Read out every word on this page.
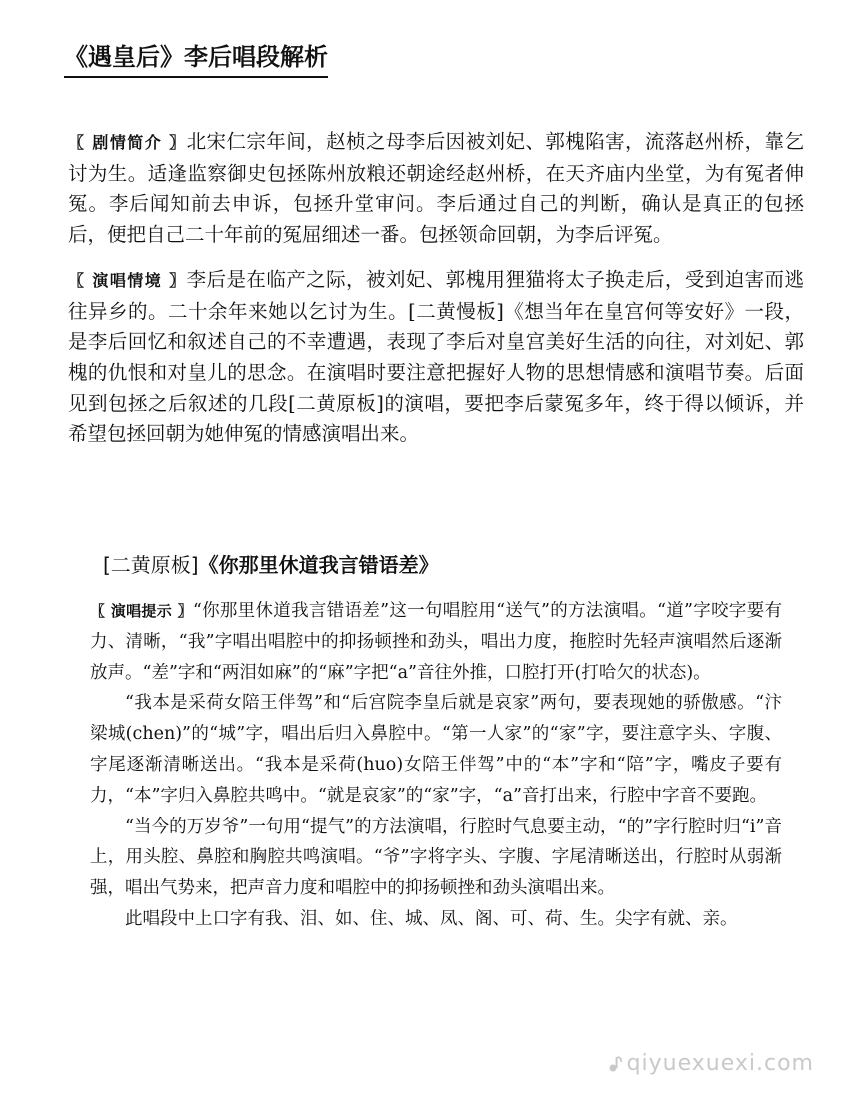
《遇皇后》李后唱段解析

〖 剧情简介 〗北宋仁宗年间，赵桢之母李后因被刘妃、郭槐陷害，流落赵州桥，靠乞讨为生。适逢监察御史包拯陈州放粮还朝途经赵州桥，在天齐庙内坐堂，为有冤者伸冤。李后闻知前去申诉，包拯升堂审问。李后通过自己的判断，确认是真正的包拯后，便把自己二十年前的冤屈细述一番。包拯领命回朝，为李后评冤。

〖 演唱情境 〗李后是在临产之际，被刘妃、郭槐用狸猫将太子换走后，受到迫害而逃往异乡的。二十余年来她以乞讨为生。[二黄慢板]《想当年在皇宫何等安好》一段，是李后回忆和叙述自己的不幸遭遇，表现了李后对皇宫美好生活的向往，对刘妃、郭槐的仇恨和对皇儿的思念。在演唱时要注意把握好人物的思想情感和演唱节奏。后面见到包拯之后叙述的几段[二黄原板]的演唱，要把李后蒙冤多年，终于得以倾诉，并希望包拯回朝为她伸冤的情感演唱出来。

[二黄原板]《你那里休道我言错语差》

〖 演唱提示 〗“你那里休道我言错语差”这一句唱腔用“送气”的方法演唱。“道”字咬字要有力、清晰，“我”字唱出唱腔中的抑扬顿挫和劲头，唱出力度，拖腔时先轻声演唱然后逐渐放声。“差”字和“两泪如麻”的“麻”字把“a”音往外推，口腔打开(打哈欠的状态)。

“我本是采荷女陪王伴驾”和“后宫院李皇后就是哀家”两句，要表现她的骄傲感。“汴梁城(chen)”的“城”字，唱出后归入鼻腔中。“第一人家”的“家”字，要注意字头、字腹、字尾逐渐清晰送出。“我本是采荷(huo)女陪王伴驾”中的“本”字和“陪”字，嘴皮子要有力，“本”字归入鼻腔共鸣中。“就是哀家”的“家”字，“a”音打出来，行腔中字音不要跑。

“当今的万岁爷”一句用“提气”的方法演唱，行腔时气息要主动，“的”字行腔时归“i”音上，用头腔、鼻腔和胸腔共鸣演唱。“爷”字将字头、字腹、字尾清晰送出，行腔时从弱渐强，唱出气势来，把声音力度和唱腔中的抑扬顿挫和劲头演唱出来。

此唱段中上口字有我、泪、如、住、城、凤、阁、可、荷、生。尖字有就、亲。

qiyuexuexi.com
